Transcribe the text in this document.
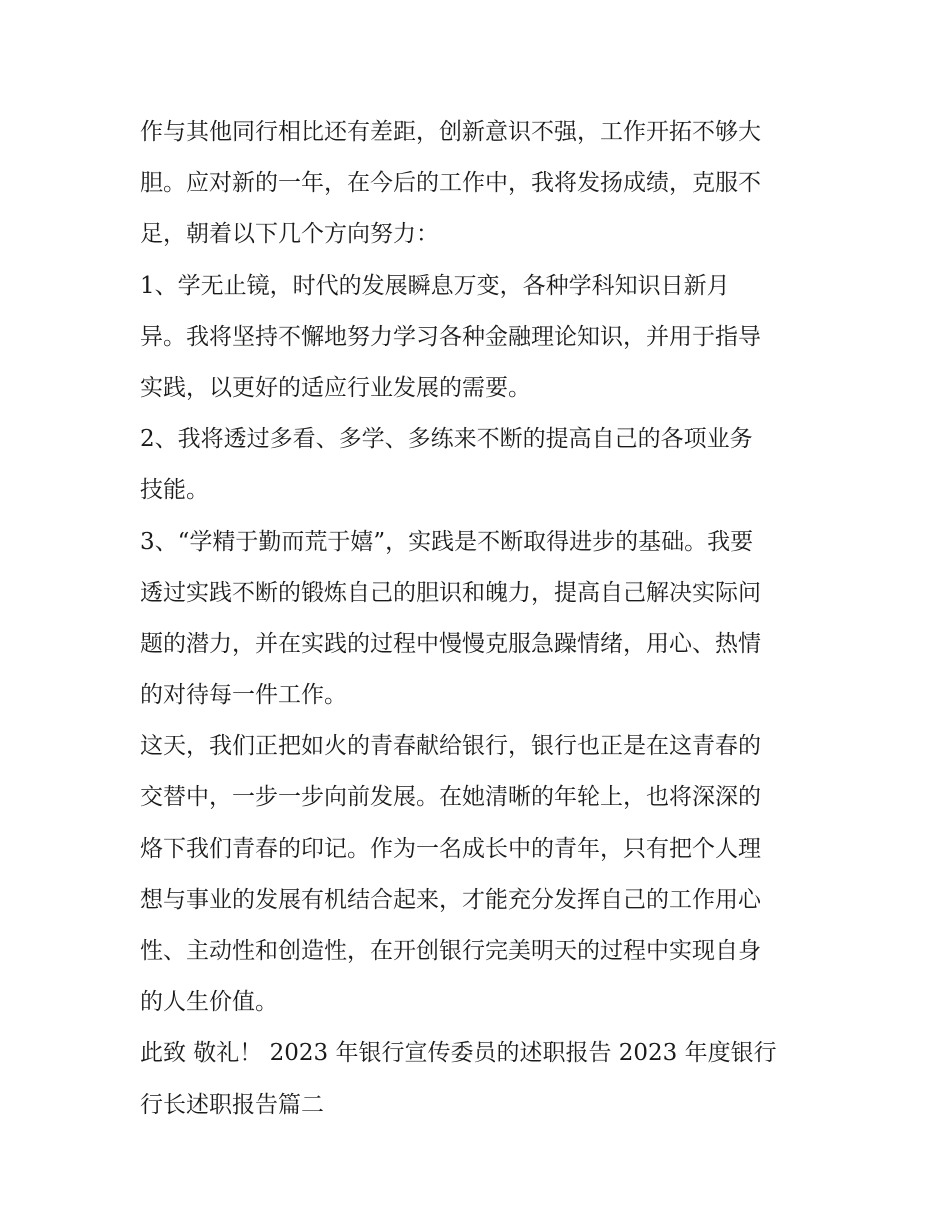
作与其他同行相比还有差距，创新意识不强，工作开拓不够大
胆。应对新的一年，在今后的工作中，我将发扬成绩，克服不
足，朝着以下几个方向努力：
1、学无止镜，时代的发展瞬息万变，各种学科知识日新月
异。我将坚持不懈地努力学习各种金融理论知识，并用于指导
实践，以更好的适应行业发展的需要。
2、我将透过多看、多学、多练来不断的提高自己的各项业务
技能。
3、“学精于勤而荒于嬉”，实践是不断取得进步的基础。我要
透过实践不断的锻炼自己的胆识和魄力，提高自己解决实际问
题的潜力，并在实践的过程中慢慢克服急躁情绪，用心、热情
的对待每一件工作。
这天，我们正把如火的青春献给银行，银行也正是在这青春的
交替中，一步一步向前发展。在她清晰的年轮上，也将深深的
烙下我们青春的印记。作为一名成长中的青年，只有把个人理
想与事业的发展有机结合起来，才能充分发挥自己的工作用心
性、主动性和创造性，在开创银行完美明天的过程中实现自身
的人生价值。
此致 敬礼！ 2023 年银行宣传委员的述职报告 2023 年度银行
行长述职报告篇二
